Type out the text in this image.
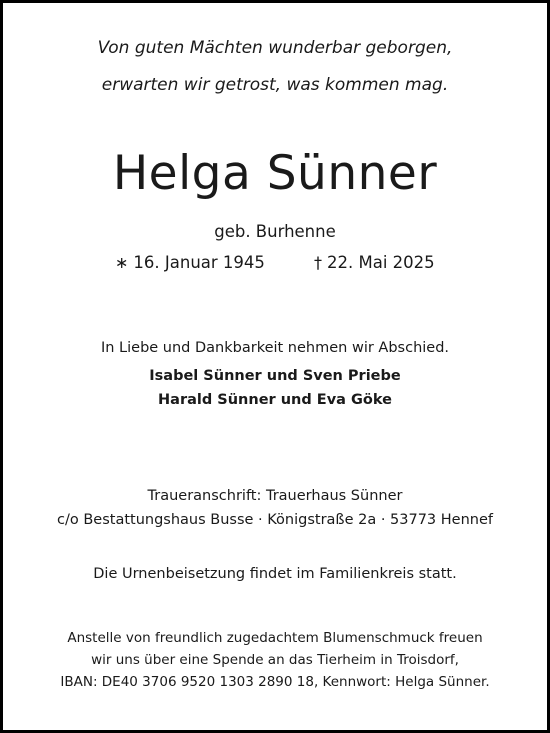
Von guten Mächten wunderbar geborgen,

erwarten wir getrost, was kommen mag.

Helga Sünner

geb. Burhenne

∗ 16. Januar 1945	† 22. Mai 2025

In Liebe und Dankbarkeit nehmen wir Abschied.

Isabel Sünner und Sven Priebe

Harald Sünner und Eva Göke

Traueranschrift: Trauerhaus Sünner

c/o Bestattungshaus Busse · Königstraße 2a · 53773 Hennef

Die Urnenbeisetzung findet im Familienkreis statt.

Anstelle von freundlich zugedachtem Blumenschmuck freuen

wir uns über eine Spende an das Tierheim in Troisdorf,

IBAN: DE40 3706 9520 1303 2890 18, Kennwort: Helga Sünner.
